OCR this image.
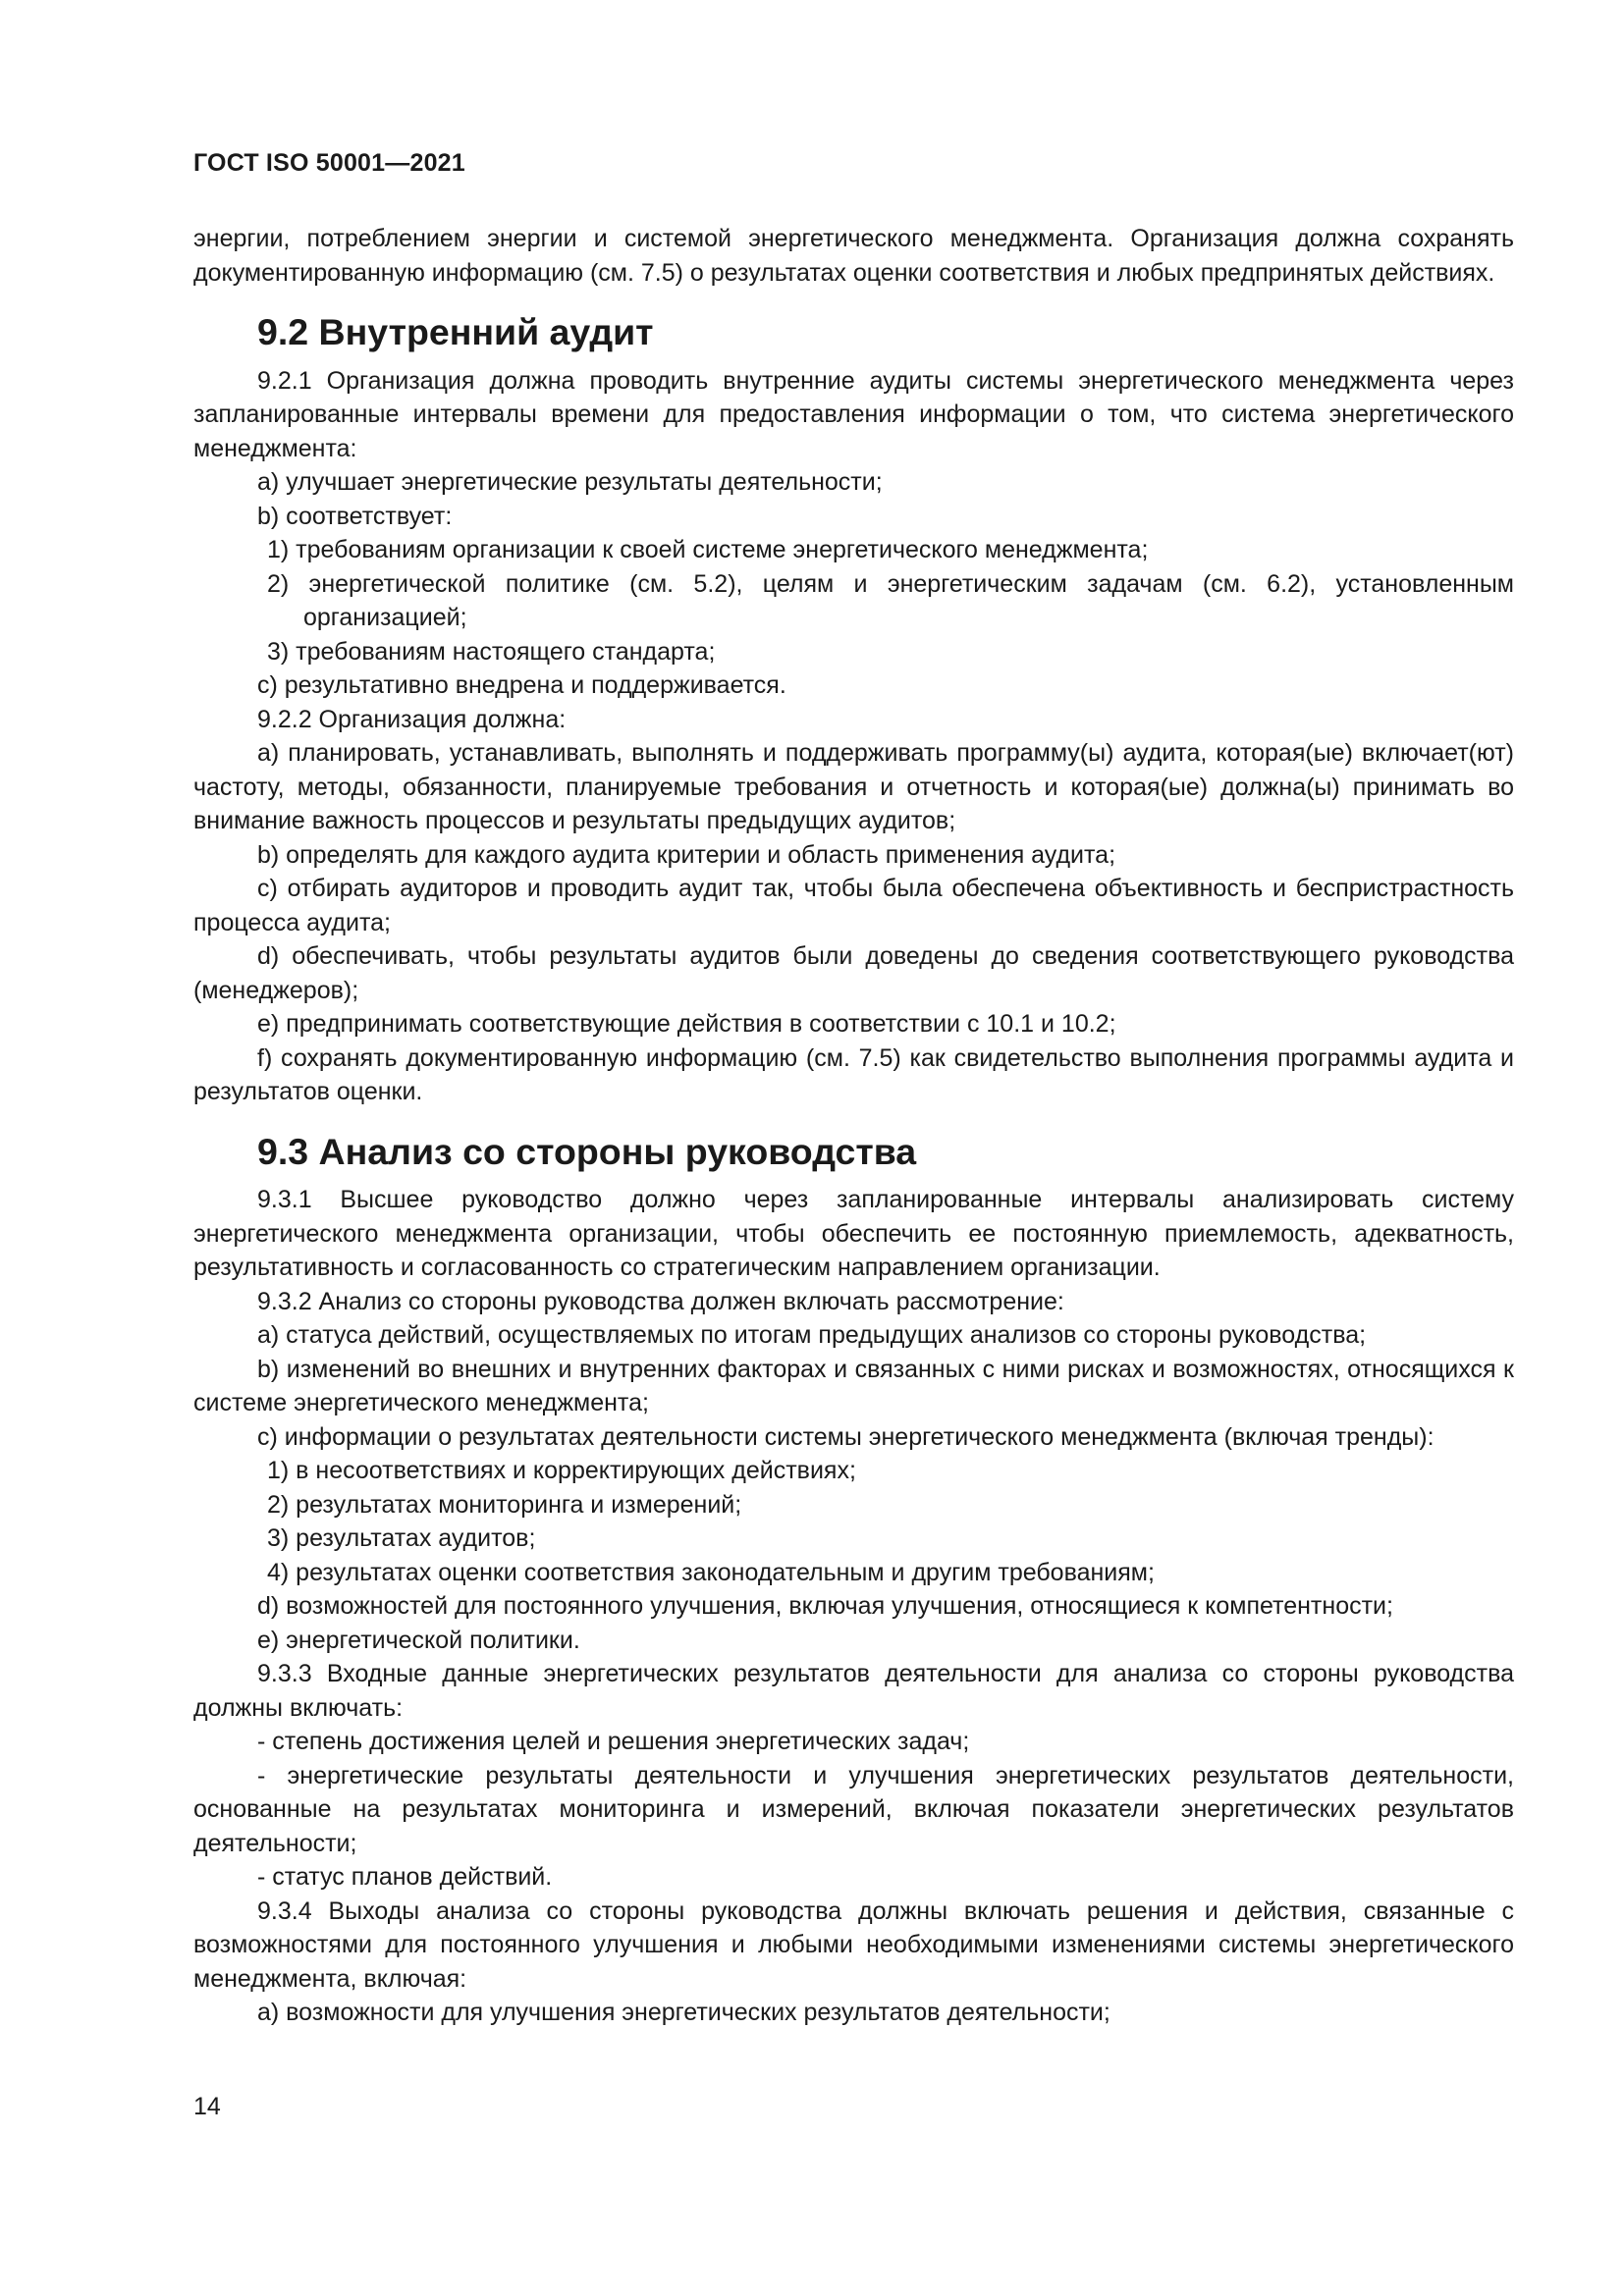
ГОСТ ISO 50001—2021

энергии, потреблением энергии и системой энергетического менеджмента. Организация должна сохранять документированную информацию (см. 7.5) о результатах оценки соответствия и любых предпринятых действиях.

9.2 Внутренний аудит

9.2.1 Организация должна проводить внутренние аудиты системы энергетического менеджмента через запланированные интервалы времени для предоставления информации о том, что система энергетического менеджмента:

a) улучшает энергетические результаты деятельности;

b) соответствует:

1) требованиям организации к своей системе энергетического менеджмента;

2) энергетической политике (см. 5.2), целям и энергетическим задачам (см. 6.2), установленным организацией;

3) требованиям настоящего стандарта;

c) результативно внедрена и поддерживается.

9.2.2 Организация должна:

a) планировать, устанавливать, выполнять и поддерживать программу(ы) аудита, которая(ые) включает(ют) частоту, методы, обязанности, планируемые требования и отчетность и которая(ые) должна(ы) принимать во внимание важность процессов и результаты предыдущих аудитов;

b) определять для каждого аудита критерии и область применения аудита;

c) отбирать аудиторов и проводить аудит так, чтобы была обеспечена объективность и беспристрастность процесса аудита;

d) обеспечивать, чтобы результаты аудитов были доведены до сведения соответствующего руководства (менеджеров);

e) предпринимать соответствующие действия в соответствии с 10.1 и 10.2;

f) сохранять документированную информацию (см. 7.5) как свидетельство выполнения программы аудита и результатов оценки.

9.3 Анализ со стороны руководства

9.3.1 Высшее руководство должно через запланированные интервалы анализировать систему энергетического менеджмента организации, чтобы обеспечить ее постоянную приемлемость, адекватность, результативность и согласованность со стратегическим направлением организации.

9.3.2 Анализ со стороны руководства должен включать рассмотрение:

a) статуса действий, осуществляемых по итогам предыдущих анализов со стороны руководства;

b) изменений во внешних и внутренних факторах и связанных с ними рисках и возможностях, относящихся к системе энергетического менеджмента;

c) информации о результатах деятельности системы энергетического менеджмента (включая тренды):

1) в несоответствиях и корректирующих действиях;

2) результатах мониторинга и измерений;

3) результатах аудитов;

4) результатах оценки соответствия законодательным и другим требованиям;

d) возможностей для постоянного улучшения, включая улучшения, относящиеся к компетентности;

e) энергетической политики.

9.3.3 Входные данные энергетических результатов деятельности для анализа со стороны руководства должны включать:

- степень достижения целей и решения энергетических задач;

- энергетические результаты деятельности и улучшения энергетических результатов деятельности, основанные на результатах мониторинга и измерений, включая показатели энергетических результатов деятельности;

- статус планов действий.

9.3.4 Выходы анализа со стороны руководства должны включать решения и действия, связанные с возможностями для постоянного улучшения и любыми необходимыми изменениями системы энергетического менеджмента, включая:

a) возможности для улучшения энергетических результатов деятельности;

14
